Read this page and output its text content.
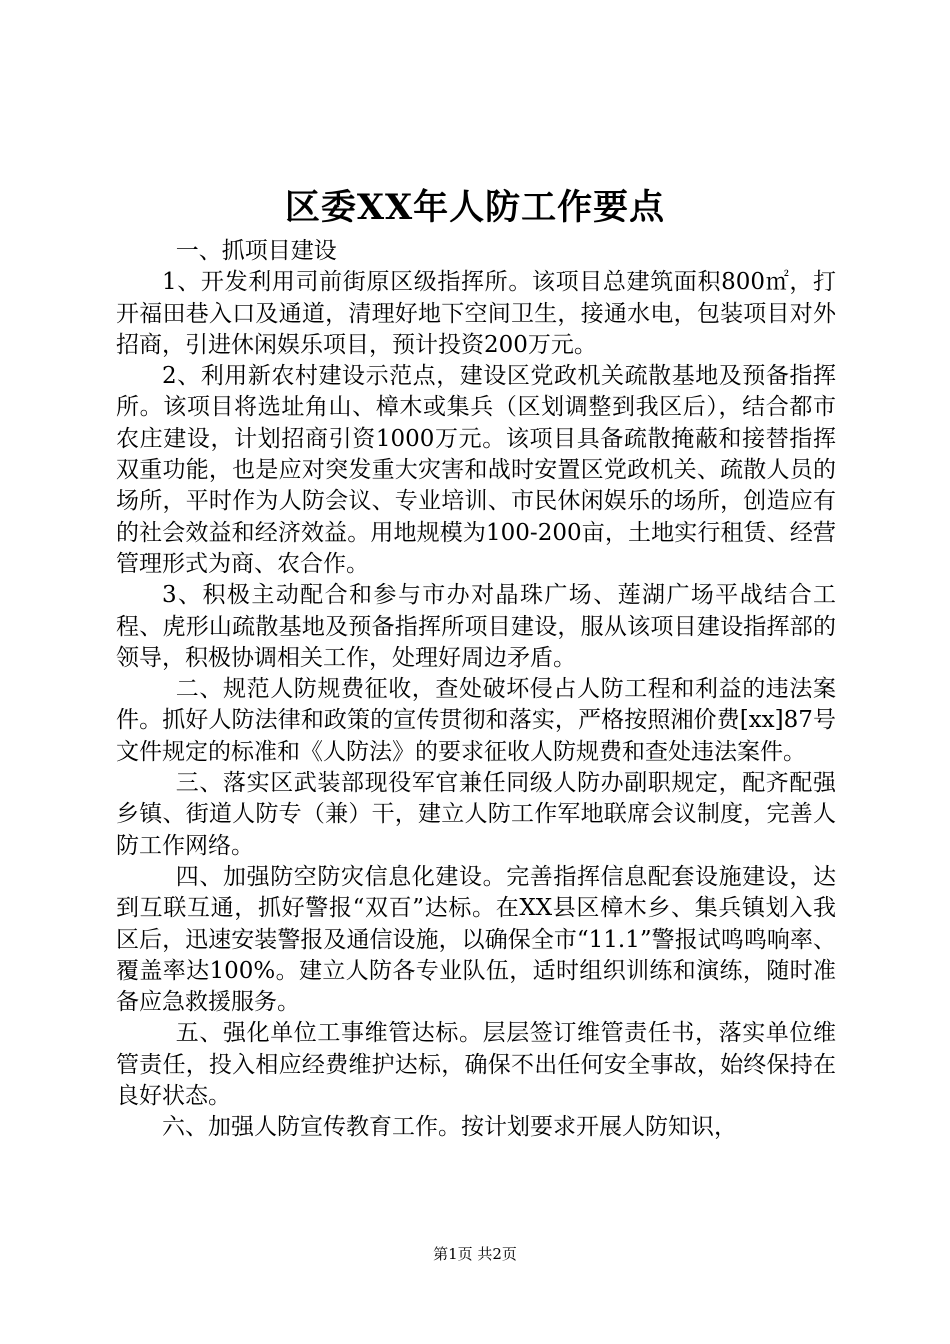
区委XX年人防工作要点

一、抓项目建设

1、开发利用司前街原区级指挥所。该项目总建筑面积800㎡，打开福田巷入口及通道，清理好地下空间卫生，接通水电，包装项目对外招商，引进休闲娱乐项目，预计投资200万元。

2、利用新农村建设示范点，建设区党政机关疏散基地及预备指挥所。该项目将选址角山、樟木或集兵（区划调整到我区后），结合都市农庄建设，计划招商引资1000万元。该项目具备疏散掩蔽和接替指挥双重功能，也是应对突发重大灾害和战时安置区党政机关、疏散人员的场所，平时作为人防会议、专业培训、市民休闲娱乐的场所，创造应有的社会效益和经济效益。用地规模为100-200亩，土地实行租赁、经营管理形式为商、农合作。

3、积极主动配合和参与市办对晶珠广场、莲湖广场平战结合工程、虎形山疏散基地及预备指挥所项目建设，服从该项目建设指挥部的领导，积极协调相关工作，处理好周边矛盾。

二、规范人防规费征收，查处破坏侵占人防工程和利益的违法案件。抓好人防法律和政策的宣传贯彻和落实，严格按照湘价费[xx]87号文件规定的标准和《人防法》的要求征收人防规费和查处违法案件。

三、落实区武装部现役军官兼任同级人防办副职规定，配齐配强乡镇、街道人防专（兼）干，建立人防工作军地联席会议制度，完善人防工作网络。

四、加强防空防灾信息化建设。完善指挥信息配套设施建设，达到互联互通，抓好警报“双百”达标。在XX县区樟木乡、集兵镇划入我区后，迅速安装警报及通信设施，以确保全市“11.1”警报试鸣鸣响率、覆盖率达100%。建立人防各专业队伍，适时组织训练和演练，随时准备应急救援服务。

五、强化单位工事维管达标。层层签订维管责任书，落实单位维管责任，投入相应经费维护达标，确保不出任何安全事故，始终保持在良好状态。

六、加强人防宣传教育工作。按计划要求开展人防知识，

第1页 共2页
